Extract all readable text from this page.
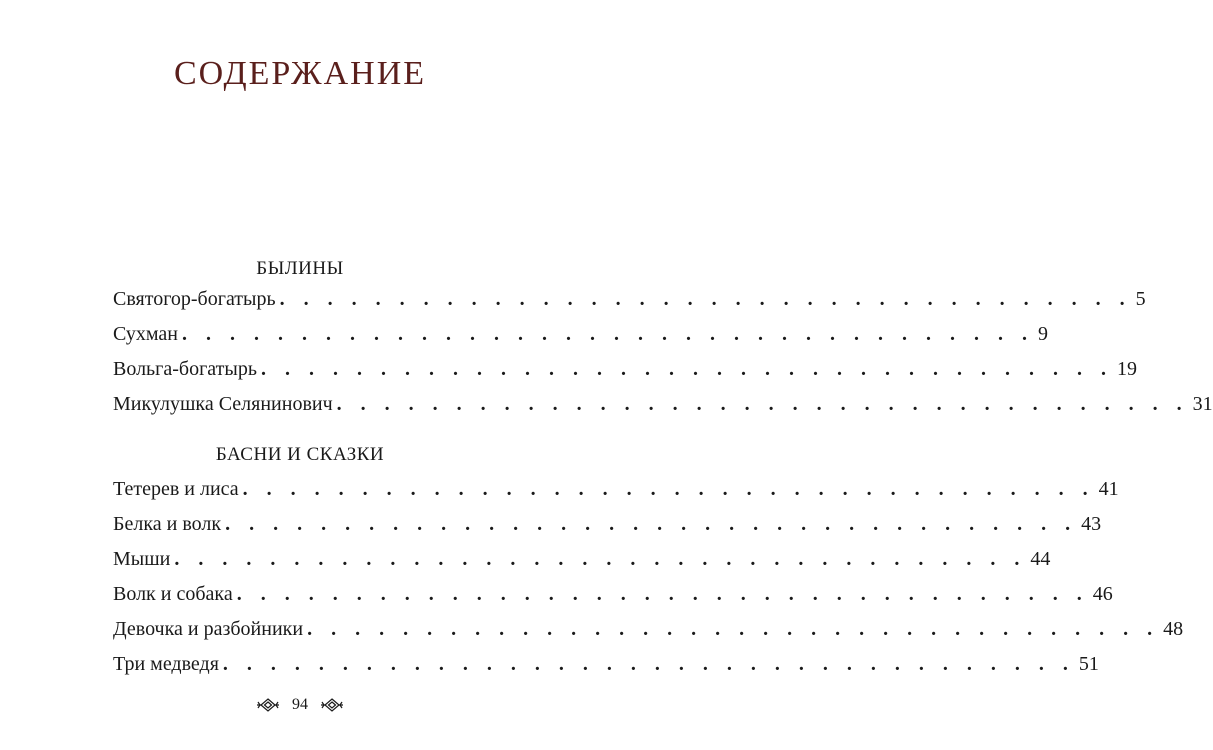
СОДЕРЖАНИЕ
БЫЛИНЫ
Святогор-богатырь . . . . . . . . . . . . . . . . . . . . . . . . . . . . . . . . . . . . 5
Сухман . . . . . . . . . . . . . . . . . . . . . . . . . . . . . . . . . . . . 9
Вольга-богатырь . . . . . . . . . . . . . . . . . . . . . . . . . . . . . . . . . . . . 19
Микулушка Селянинович . . . . . . . . . . . . . . . . . . . . . . . . . . . . . . . . . . . . 31
БАСНИ И СКАЗКИ
Тетерев и лиса . . . . . . . . . . . . . . . . . . . . . . . . . . . . . . . . . . . . 41
Белка и волк . . . . . . . . . . . . . . . . . . . . . . . . . . . . . . . . . . . . 43
Мыши . . . . . . . . . . . . . . . . . . . . . . . . . . . . . . . . . . . . 44
Волк и собака . . . . . . . . . . . . . . . . . . . . . . . . . . . . . . . . . . . . 46
Девочка и разбойники . . . . . . . . . . . . . . . . . . . . . . . . . . . . . . . . . . . . 48
Три медведя . . . . . . . . . . . . . . . . . . . . . . . . . . . . . . . . . . . . 51
94
